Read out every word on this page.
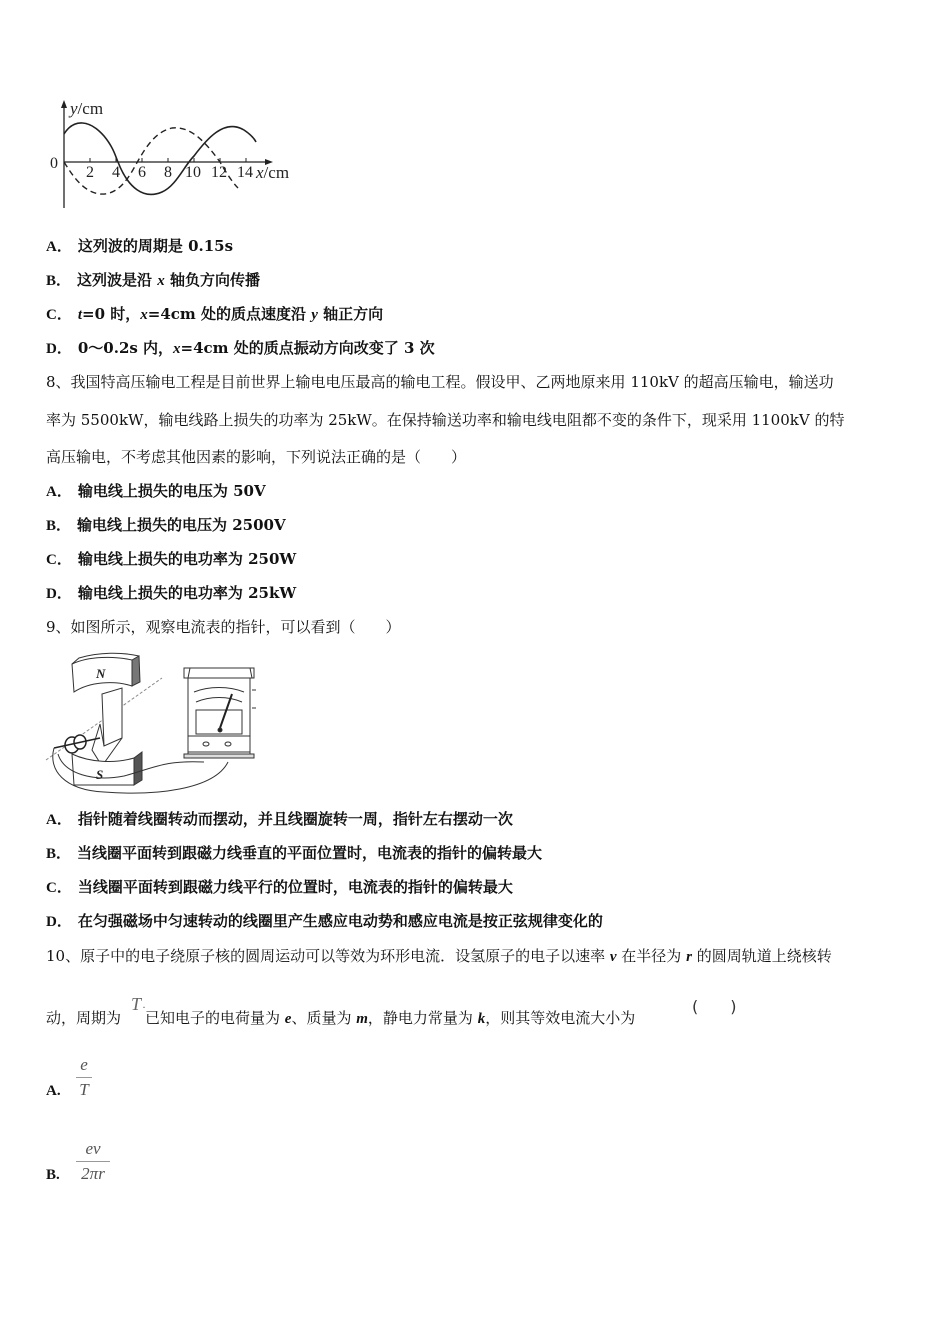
y/cm
0
2 4 6 8 10 12 14 x/cm
A． 这列波的周期是 0.15s
B． 这列波是沿 x 轴负方向传播
C． t=0 时，x=4cm 处的质点速度沿 y 轴正方向
D． 0～0.2s 内，x=4cm 处的质点振动方向改变了 3 次
8、我国特高压输电工程是目前世界上输电电压最高的输电工程。假设甲、乙两地原来用 110kV 的超高压输电，输送功
率为 5500kW，输电线路上损失的功率为 25kW。在保持输送功率和输电线电阻都不变的条件下，现采用 1100kV 的特
高压输电，不考虑其他因素的影响，下列说法正确的是（　　）
A． 输电线上损失的电压为 50V
B． 输电线上损失的电压为 2500V
C． 输电线上损失的电功率为 250W
D． 输电线上损失的电功率为 25kW
9、如图所示，观察电流表的指针，可以看到（　　）
N
S
A． 指针随着线圈转动而摆动，并且线圈旋转一周，指针左右摆动一次
B． 当线圈平面转到跟磁力线垂直的平面位置时，电流表的指针的偏转最大
C． 当线圈平面转到跟磁力线平行的位置时，电流表的指针的偏转最大
D． 在匀强磁场中匀速转动的线圈里产生感应电动势和感应电流是按正弦规律变化的
10、原子中的电子绕原子核的圆周运动可以等效为环形电流．设氢原子的电子以速率 v 在半径为 r 的圆周轨道上绕核转
动，周期为 已知电子的电荷量为 e、质量为 m，静电力常量为 k，则其等效电流大小为
T ·	(　　)
A.
e
T
B.
ev
2πr
